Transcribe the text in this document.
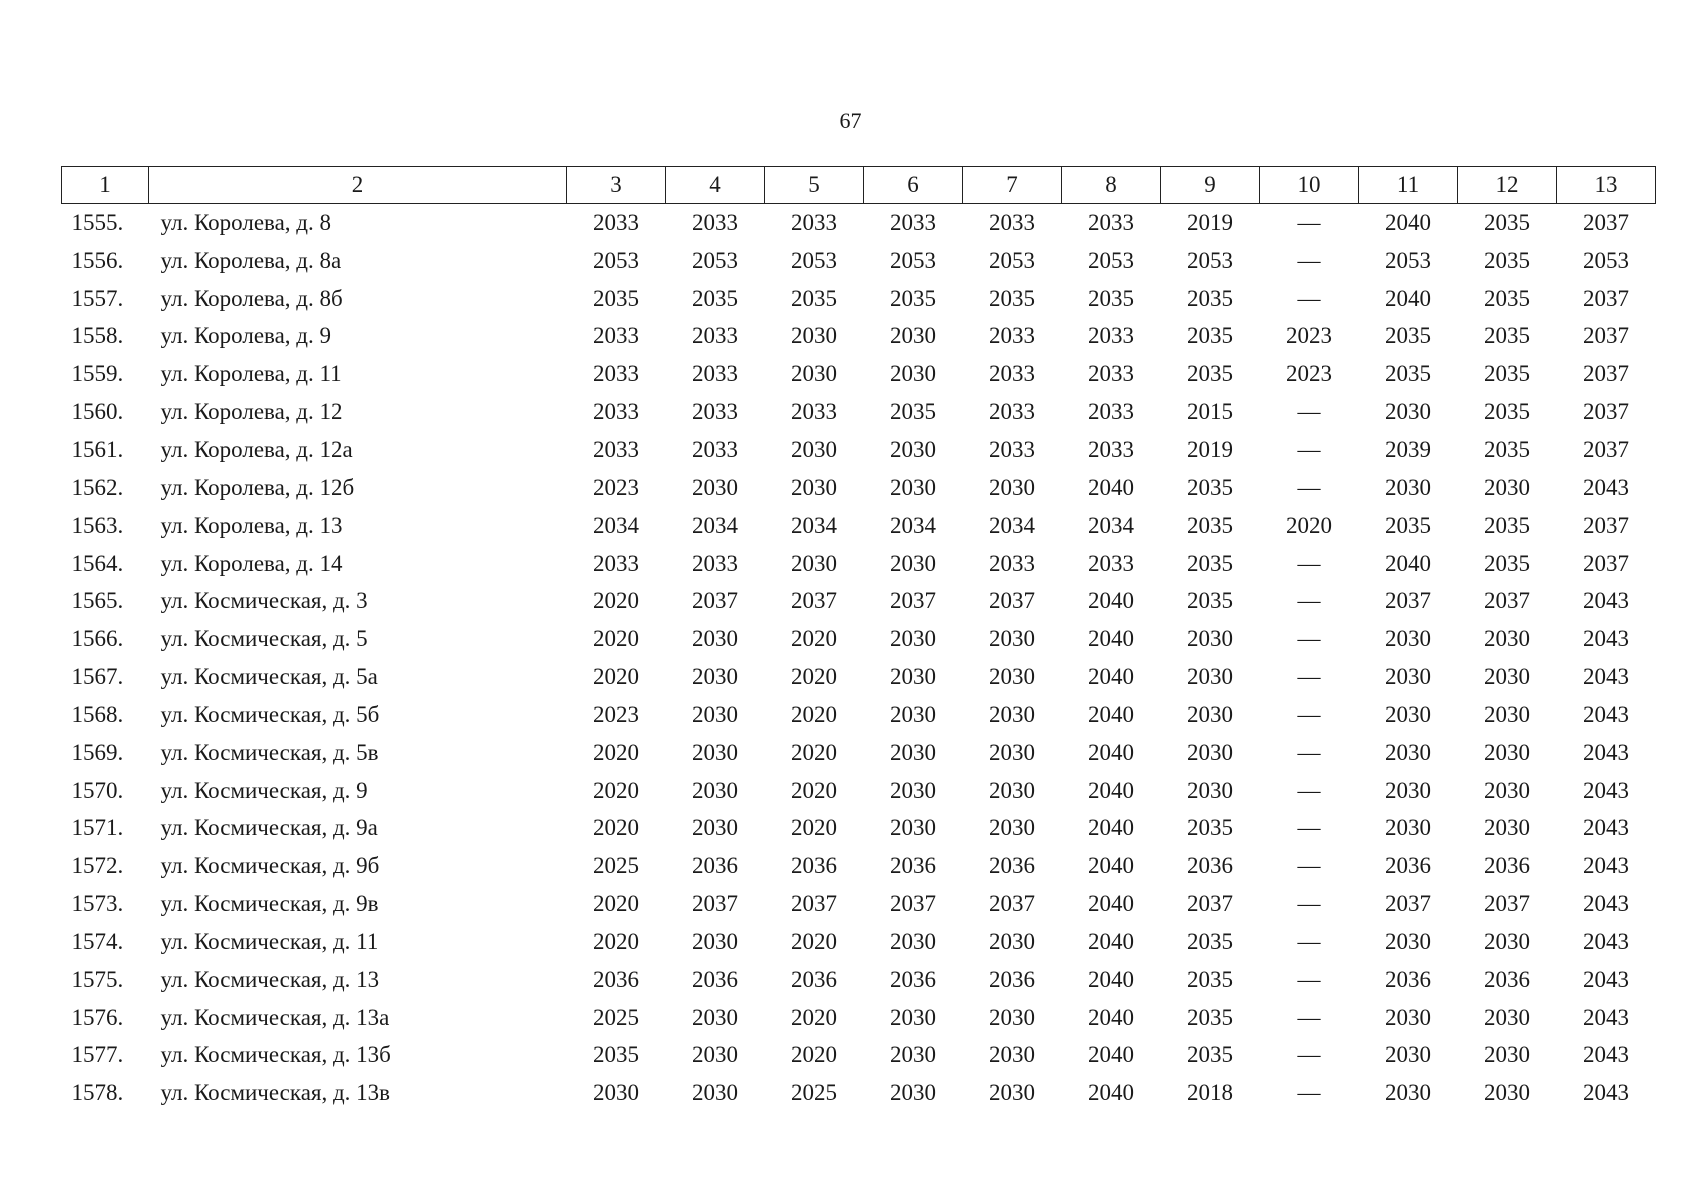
67
1	2	3	4	5	6	7	8	9	10	11	12	13
1555.	ул. Королева, д. 8	2033	2033	2033	2033	2033	2033	2019	—	2040	2035	2037
1556.	ул. Королева, д. 8а	2053	2053	2053	2053	2053	2053	2053	—	2053	2035	2053
1557.	ул. Королева, д. 8б	2035	2035	2035	2035	2035	2035	2035	—	2040	2035	2037
1558.	ул. Королева, д. 9	2033	2033	2030	2030	2033	2033	2035	2023	2035	2035	2037
1559.	ул. Королева, д. 11	2033	2033	2030	2030	2033	2033	2035	2023	2035	2035	2037
1560.	ул. Королева, д. 12	2033	2033	2033	2035	2033	2033	2015	—	2030	2035	2037
1561.	ул. Королева, д. 12а	2033	2033	2030	2030	2033	2033	2019	—	2039	2035	2037
1562.	ул. Королева, д. 12б	2023	2030	2030	2030	2030	2040	2035	—	2030	2030	2043
1563.	ул. Королева, д. 13	2034	2034	2034	2034	2034	2034	2035	2020	2035	2035	2037
1564.	ул. Королева, д. 14	2033	2033	2030	2030	2033	2033	2035	—	2040	2035	2037
1565.	ул. Космическая, д. 3	2020	2037	2037	2037	2037	2040	2035	—	2037	2037	2043
1566.	ул. Космическая, д. 5	2020	2030	2020	2030	2030	2040	2030	—	2030	2030	2043
1567.	ул. Космическая, д. 5а	2020	2030	2020	2030	2030	2040	2030	—	2030	2030	2043
1568.	ул. Космическая, д. 5б	2023	2030	2020	2030	2030	2040	2030	—	2030	2030	2043
1569.	ул. Космическая, д. 5в	2020	2030	2020	2030	2030	2040	2030	—	2030	2030	2043
1570.	ул. Космическая, д. 9	2020	2030	2020	2030	2030	2040	2030	—	2030	2030	2043
1571.	ул. Космическая, д. 9а	2020	2030	2020	2030	2030	2040	2035	—	2030	2030	2043
1572.	ул. Космическая, д. 9б	2025	2036	2036	2036	2036	2040	2036	—	2036	2036	2043
1573.	ул. Космическая, д. 9в	2020	2037	2037	2037	2037	2040	2037	—	2037	2037	2043
1574.	ул. Космическая, д. 11	2020	2030	2020	2030	2030	2040	2035	—	2030	2030	2043
1575.	ул. Космическая, д. 13	2036	2036	2036	2036	2036	2040	2035	—	2036	2036	2043
1576.	ул. Космическая, д. 13а	2025	2030	2020	2030	2030	2040	2035	—	2030	2030	2043
1577.	ул. Космическая, д. 13б	2035	2030	2020	2030	2030	2040	2035	—	2030	2030	2043
1578.	ул. Космическая, д. 13в	2030	2030	2025	2030	2030	2040	2018	—	2030	2030	2043
